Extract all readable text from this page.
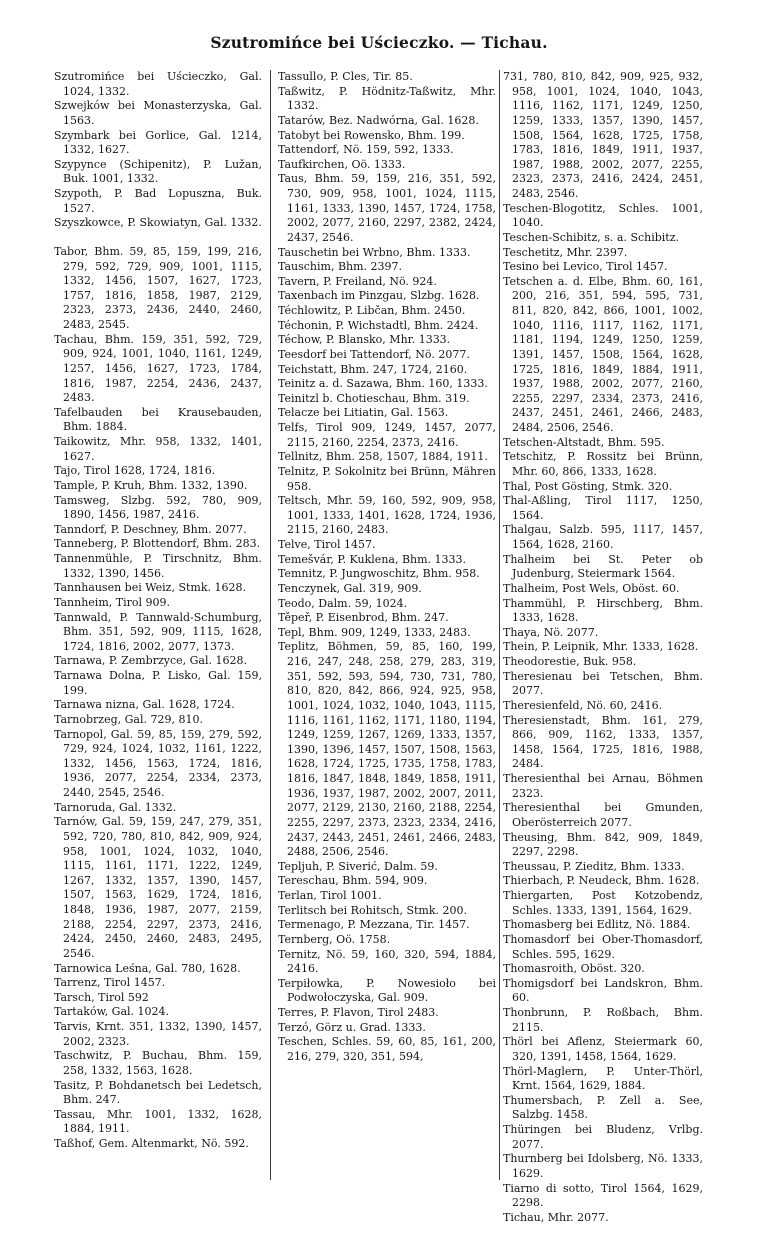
Szutromińce bei Uścieczko. — Tichau.

Szutromińce bei Uścieczko, Gal. 1024, 1332.

Szwejków bei Monasterzyska, Gal. 1563.

Szymbark bei Gorlice, Gal. 1214, 1332, 1627.

Szypynce (Schipenitz), P. Lužan, Buk. 1001, 1332.

Szypoth, P. Bad Lopuszna, Buk. 1527.

Szyszkowce, P. Skowiatyn, Gal. 1332.

Tabor, Bhm. 59, 85, 159, 199, 216, 279, 592, 729, 909, 1001, 1115, 1332, 1456, 1507, 1627, 1723, 1757, 1816, 1858, 1987, 2129, 2323, 2373, 2436, 2440, 2460, 2483, 2545.

Tachau, Bhm. 159, 351, 592, 729, 909, 924, 1001, 1040, 1161, 1249, 1257, 1456, 1627, 1723, 1784, 1816, 1987, 2254, 2436, 2437, 2483.

Tafelbauden bei Krausebauden, Bhm. 1884.

Taikowitz, Mhr. 958, 1332, 1401, 1627.

Tajo, Tirol 1628, 1724, 1816.

Tample, P. Kruh, Bhm. 1332, 1390.

Tamsweg, Slzbg. 592, 780, 909, 1890, 1456, 1987, 2416.

Tanndorf, P. Deschney, Bhm. 2077.

Tanneberg, P. Blottendorf, Bhm. 283.

Tannenmühle, P. Tirschnitz, Bhm. 1332, 1390, 1456.

Tannhausen bei Weiz, Stmk. 1628.

Tannheim, Tirol 909.

Tannwald, P. Tannwald-Schumburg, Bhm. 351, 592, 909, 1115, 1628, 1724, 1816, 2002, 2077, 1373.

Tarnawa, P. Zembrzyce, Gal. 1628.

Tarnawa Dolna, P. Lisko, Gal. 159, 199.

Tarnawa nizna, Gal. 1628, 1724.

Tarnobrzeg, Gal. 729, 810.

Tarnopol, Gal. 59, 85, 159, 279, 592, 729, 924, 1024, 1032, 1161, 1222, 1332, 1456, 1563, 1724, 1816, 1936, 2077, 2254, 2334, 2373, 2440, 2545, 2546.

Tarnoruda, Gal. 1332.

Tarnów, Gal. 59, 159, 247, 279, 351, 592, 720, 780, 810, 842, 909, 924, 958, 1001, 1024, 1032, 1040, 1115, 1161, 1171, 1222, 1249, 1267, 1332, 1357, 1390, 1457, 1507, 1563, 1629, 1724, 1816, 1848, 1936, 1987, 2077, 2159, 2188, 2254, 2297, 2373, 2416, 2424, 2450, 2460, 2483, 2495, 2546.

Tarnowica Leśna, Gal. 780, 1628.

Tarrenz, Tirol 1457.

Tarsch, Tirol 592

Tartaków, Gal. 1024.

Tarvis, Krnt. 351, 1332, 1390, 1457, 2002, 2323.

Taschwitz, P. Buchau, Bhm. 159, 258, 1332, 1563, 1628.

Tasitz, P. Bohdanetsch bei Ledetsch, Bhm. 247.

Tassau, Mhr. 1001, 1332, 1628, 1884, 1911.

Taßhof, Gem. Altenmarkt, Nö. 592.

Tassullo, P. Cles, Tir. 85.

Taßwitz, P. Hödnitz-Taßwitz, Mhr. 1332.

Tatarów, Bez. Nadwórna, Gal. 1628.

Tatobyt bei Rowensko, Bhm. 199.

Tattendorf, Nö. 159, 592, 1333.

Taufkirchen, Oö. 1333.

Taus, Bhm. 59, 159, 216, 351, 592, 730, 909, 958, 1001, 1024, 1115, 1161, 1333, 1390, 1457, 1724, 1758, 2002, 2077, 2160, 2297, 2382, 2424, 2437, 2546.

Tauschetin bei Wrbno, Bhm. 1333.

Tauschim, Bhm. 2397.

Tavern, P. Freiland, Nö. 924.

Taxenbach im Pinzgau, Slzbg. 1628.

Téchlowitz, P. Libčan, Bhm. 2450.

Téchonin, P. Wichstadtl, Bhm. 2424.

Téchow, P. Blansko, Mhr. 1333.

Teesdorf bei Tattendorf, Nö. 2077.

Teichstatt, Bhm. 247, 1724, 2160.

Teinitz a. d. Sazawa, Bhm. 160, 1333.

Teinitzl b. Chotieschau, Bhm. 319.

Telacze bei Litiatin, Gal. 1563.

Telfs, Tirol 909, 1249, 1457, 2077, 2115, 2160, 2254, 2373, 2416.

Tellnitz, Bhm. 258, 1507, 1884, 1911.

Telnitz, P. Sokolnitz bei Brünn, Mähren 958.

Teltsch, Mhr. 59, 160, 592, 909, 958, 1001, 1333, 1401, 1628, 1724, 1936, 2115, 2160, 2483.

Telve, Tirol 1457.

Temešvár, P. Kuklena, Bhm. 1333.

Temnitz, P. Jungwoschitz, Bhm. 958.

Tenczynek, Gal. 319, 909.

Teodo, Dalm. 59, 1024.

Těpeř, P. Eisenbrod, Bhm. 247.

Tepl, Bhm. 909, 1249, 1333, 2483.

Teplitz, Böhmen, 59, 85, 160, 199, 216, 247, 248, 258, 279, 283, 319, 351, 592, 593, 594, 730, 731, 780, 810, 820, 842, 866, 924, 925, 958, 1001, 1024, 1032, 1040, 1043, 1115, 1116, 1161, 1162, 1171, 1180, 1194, 1249, 1259, 1267, 1269, 1333, 1357, 1390, 1396, 1457, 1507, 1508, 1563, 1628, 1724, 1725, 1735, 1758, 1783, 1816, 1847, 1848, 1849, 1858, 1911, 1936, 1937, 1987, 2002, 2007, 2011, 2077, 2129, 2130, 2160, 2188, 2254, 2255, 2297, 2373, 2323, 2334, 2416, 2437, 2443, 2451, 2461, 2466, 2483, 2488, 2506, 2546.

Tepljuh, P. Siverić, Dalm. 59.

Tereschau, Bhm. 594, 909.

Terlan, Tirol 1001.

Terlitsch bei Rohitsch, Stmk. 200.

Termenago, P. Mezzana, Tir. 1457.

Ternberg, Oö. 1758.

Ternitz, Nö. 59, 160, 320, 594, 1884, 2416.

Terpiłowka, P. Nowesioło bei Podwołoczyska, Gal. 909.

Terres, P. Flavon, Tirol 2483.

Terzó, Görz u. Grad. 1333.

Teschen, Schles. 59, 60, 85, 161, 200, 216, 279, 320, 351, 594,

731, 780, 810, 842, 909, 925, 932, 958, 1001, 1024, 1040, 1043, 1116, 1162, 1171, 1249, 1250, 1259, 1333, 1357, 1390, 1457, 1508, 1564, 1628, 1725, 1758, 1783, 1816, 1849, 1911, 1937, 1987, 1988, 2002, 2077, 2255, 2323, 2373, 2416, 2424, 2451, 2483, 2546.

Teschen-Blogotitz, Schles. 1001, 1040.

Teschen-Schibitz, s. a. Schibitz.

Teschetitz, Mhr. 2397.

Tesino bei Levico, Tirol 1457.

Tetschen a. d. Elbe, Bhm. 60, 161, 200, 216, 351, 594, 595, 731, 811, 820, 842, 866, 1001, 1002, 1040, 1116, 1117, 1162, 1171, 1181, 1194, 1249, 1250, 1259, 1391, 1457, 1508, 1564, 1628, 1725, 1816, 1849, 1884, 1911, 1937, 1988, 2002, 2077, 2160, 2255, 2297, 2334, 2373, 2416, 2437, 2451, 2461, 2466, 2483, 2484, 2506, 2546.

Tetschen-Altstadt, Bhm. 595.

Tetschitz, P. Rossitz bei Brünn, Mhr. 60, 866, 1333, 1628.

Thal, Post Gösting, Stmk. 320.

Thal-Aßling, Tirol 1117, 1250, 1564.

Thalgau, Salzb. 595, 1117, 1457, 1564, 1628, 2160.

Thalheim bei St. Peter ob Judenburg, Steiermark 1564.

Thalheim, Post Wels, Oböst. 60.

Thammühl, P. Hirschberg, Bhm. 1333, 1628.

Thaya, Nö. 2077.

Thein, P. Leipnik, Mhr. 1333, 1628.

Theodorestie, Buk. 958.

Theresienau bei Tetschen, Bhm. 2077.

Theresienfeld, Nö. 60, 2416.

Theresienstadt, Bhm. 161, 279, 866, 909, 1162, 1333, 1357, 1458, 1564, 1725, 1816, 1988, 2484.

Theresienthal bei Arnau, Böhmen 2323.

Theresienthal bei Gmunden, Oberösterreich 2077.

Theusing, Bhm. 842, 909, 1849, 2297, 2298.

Theussau, P. Zieditz, Bhm. 1333.

Thierbach, P. Neudeck, Bhm. 1628.

Thiergarten, Post Kotzobendz, Schles. 1333, 1391, 1564, 1629.

Thomasberg bei Edlitz, Nö. 1884.

Thomasdorf bei Ober-Thomasdorf, Schles. 595, 1629.

Thomasroith, Oböst. 320.

Thomigsdorf bei Landskron, Bhm. 60.

Thonbrunn, P. Roßbach, Bhm. 2115.

Thörl bei Aflenz, Steiermark 60, 320, 1391, 1458, 1564, 1629.

Thörl-Maglern, P. Unter-Thörl, Krnt. 1564, 1629, 1884.

Thumersbach, P. Zell a. See, Salzbg. 1458.

Thüringen bei Bludenz, Vrlbg. 2077.

Thurnberg bei Idolsberg, Nö. 1333, 1629.

Tiarno di sotto, Tirol 1564, 1629, 2298.

Tichau, Mhr. 2077.
